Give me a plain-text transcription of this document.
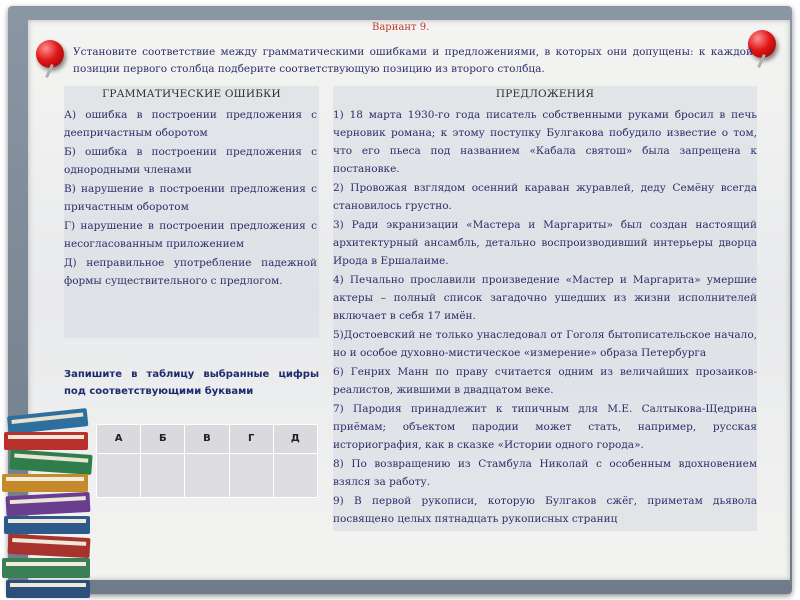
Вариант 9.
Установите соответствие между грамматическими ошибками и предложениями, в которых они допущены: к каждой позиции первого столбца подберите соответствующую позицию из второго столбца.
ГРАММАТИЧЕСКИЕ ОШИБКИ
А) ошибка в построении предложения с деепричастным оборотом
Б) ошибка в построении предложения с однородными членами
В) нарушение в построении предложения с причастным оборотом
Г) нарушение в построении предложения с несогласованным приложением
Д) неправильное употребление падежной формы существительного с предлогом.
ПРЕДЛОЖЕНИЯ
1) 18 марта 1930-го года писатель собственными руками бросил в печь черновик романа; к этому поступку Булгакова побудило известие о том, что его пьеса под названием «Кабала святош» была запрещена к постановке.
2) Провожая взглядом осенний караван журавлей, деду Семёну всегда становилось грустно.
3) Ради экранизации «Мастера и Маргариты» был создан настоящий архитектурный ансамбль, детально воспроизводивший интерьеры дворца Ирода в Ершалаиме.
4) Печально прославили произведение «Мастер и Маргарита» умершие актеры – полный список загадочно ушедших из жизни исполнителей включает в себя 17 имён.
5)Достоевский не только унаследовал от Гоголя бытописательское начало, но и особое духовно-мистическое «измерение» образа Петербурга
6) Генрих Манн по праву считается одним из величайших прозаиков-реалистов, жившими в двадцатом веке.
7) Пародия принадлежит к типичным для М.Е. Салтыкова-Щедрина приёмам; объектом пародии может стать, например, русская историография, как в сказке «Истории одного города».
8) По возвращению из Стамбула Николай с особенным вдохновением взялся за работу.
9) В первой рукописи, которую Булгаков сжёг, приметам дьявола посвящено целых пятнадцать рукописных страниц
Запишите в таблицу выбранные цифры под соответствующими буквами
А	Б	В	Г	Д
